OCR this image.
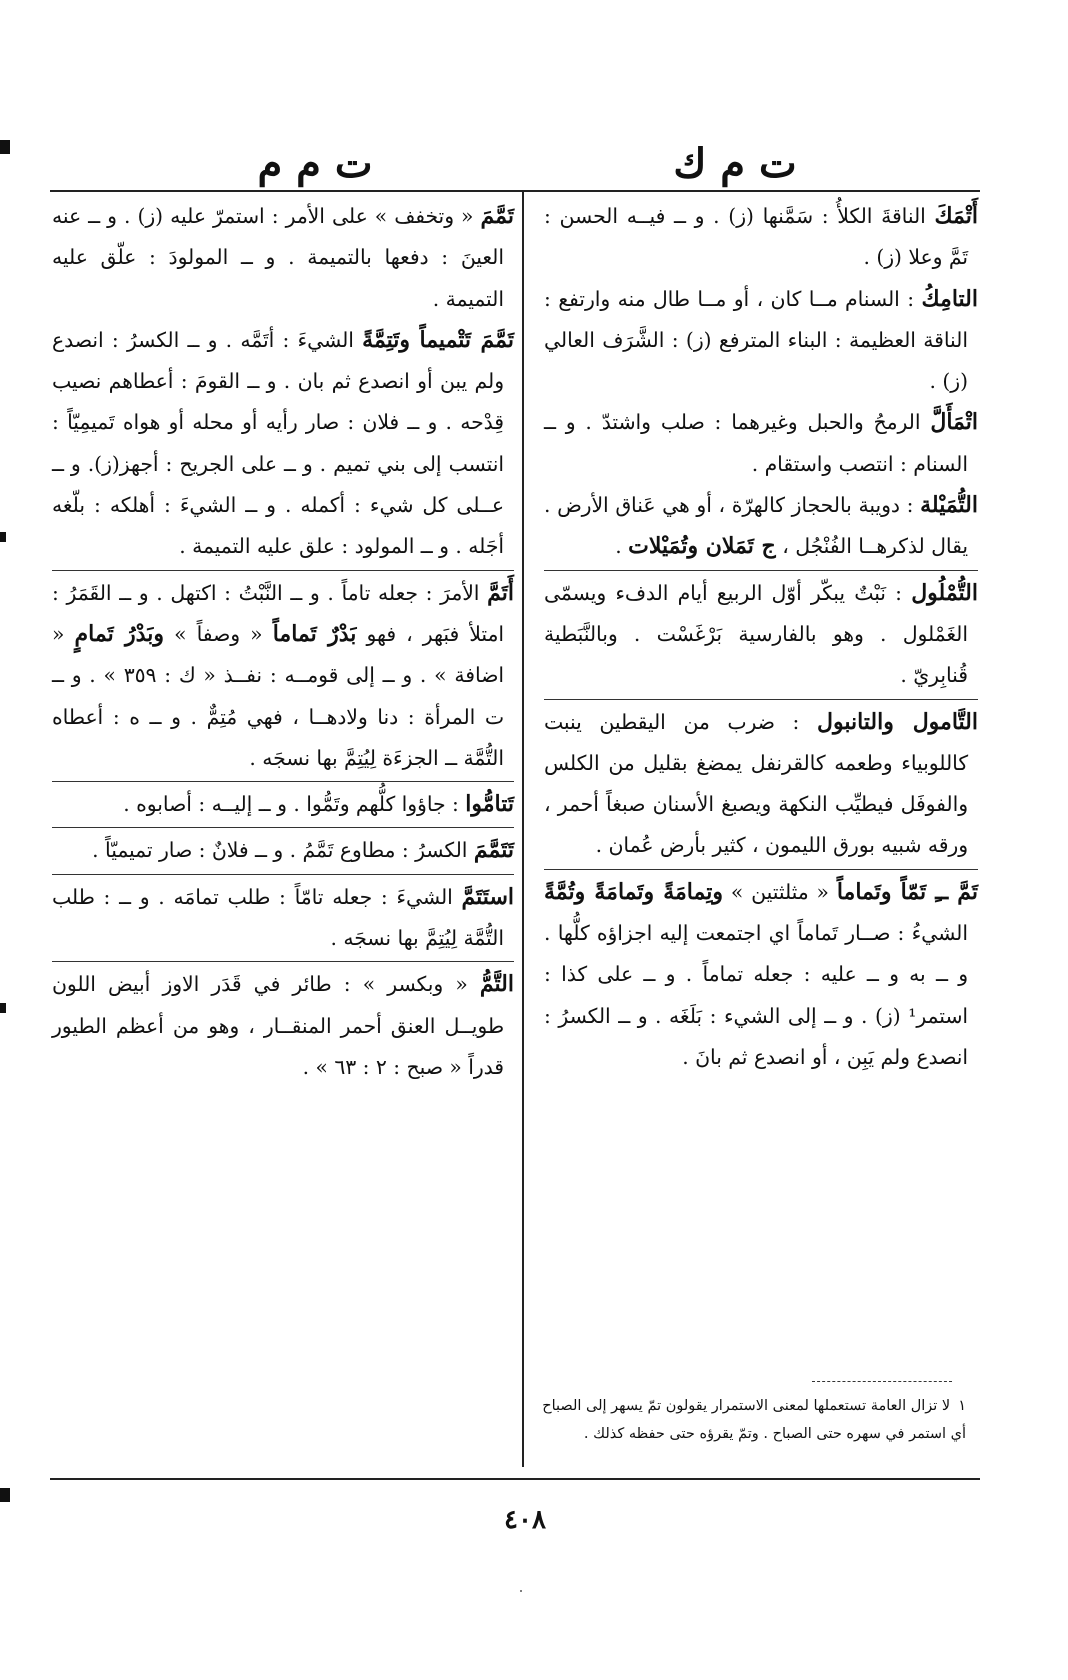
ت م ك
ت م م

أَتْمَكَ الناقةَ الكلأُ : سَمَّنها (ز) . و ــ فيــه الحسن : تَمَّ وعلا (ز) .

التامِكُ : السنام مــا كان ، أو مــا طال منه وارتفع : الناقة العظيمة : البناء المترفع (ز) : الشَّرَف العالي (ز) .

اتْمَأَلَّ الرمحُ والحبل وغيرهما : صلب واشتدّ . و ــ السنام : انتصب واستقام .

التُّمَيْلة : دويبة بالحجاز كالهرّة ، أو هي عَناق الأرض . يقال لذكرهــا الفُنْجُل ، ج تَمَلان وتُمَيْلات .

التُّمْلُول : نَبْتٌ يبكّر أوّل الربيع أيام الدفء ويسمّى الغَمْلول . وهو بالفارسية بَرْغَسْت . وبالنَّبَطية قُنابِريّ .

التَّامول والتانبول : ضرب من اليقطين ينبت كاللوبياء وطعمه كالقرنفل يمضغ بقليل من الكلس والفوفَل فيطيِّب النكهة ويصبغ الأسنان صبغاً أحمر ، ورقه شبيه بورق الليمون ، كثير بأرض عُمان .

تَمَّ ــِ تَمّاً وتَماماً « مثلثتين » وتِمامَةً وتَمامَةً وتُمَّةً الشيءُ : صــار تَماماً اي اجتمعت إليه اجزاؤه كلُّها . و ــ به و ــ عليه : جعله تماماً . و ــ على كذا : استمر¹ (ز) . و ــ إلى الشيء : بَلَغَه . و ــ الكسرُ : انصدع ولم يَبِن ، أو انصدع ثم بانَ .

١لا تزال العامة تستعملها لمعنى الاستمرار يقولون تمّ يسهر إلى الصباح أي استمر في سهره حتى الصباح . وتمّ يقرؤه حتى حفظه كذلك .

تَمَّمَ « وتخفف » على الأمر : استمرّ عليه (ز) . و ــ عنه العينَ : دفعها بالتميمة . و ــ المولودَ : علّق عليه التميمة .

تَمَّمَ تَتْميماً وتَتِمَّةً الشيءَ : أتَمَّه . و ــ الكسرُ : انصدع ولم يبن أو انصدع ثم بان . و ــ القومَ : أعطاهم نصيب قِدْحه . و ــ فلان : صار رأيه أو محله أو هواه تَميمِيّاً : انتسب إلى بني تميم . و ــ على الجريح : أجهز(ز). و ــ عــلى كل شيء : أكمله . و ــ الشيءَ : أهلكه : بلّغه أجَله . و ــ المولود : علق عليه التميمة .

أَتَمَّ الأمرَ : جعله تاماً . و ــ النَّبْتُ : اكتهل . و ــ القَمَرُ : امتلأ فبَهر ، فهو بَدْرٌ تَماماً « وصفاً » وبَدْرُ تَمامٍ « اضافة » . و ــ إلى قومــه : نفــذ « ك : ٣٥٩ » . و ــ ت المرأة : دنا ولادهــا ، فهي مُتِمٌّ . و ــ ه : أعطاه التُّمَّة ــ الجزءَة لِيُتِمَّ بها نسجَه .

تَتامُّوا : جاؤوا كلُّهم وتَمُّوا . و ــ إليــه : أصابوه .

تَتَمَّمَ الكسرُ : مطاوع تَمَّمُ . و ــ فلانٌ : صار تميميّاً .

استَتَمَّ الشيءَ : جعله تامّاً : طلب تمامَه . و ــ : طلب التُّمَّة لِيُتِمَّ بها نسجَه .

التَّمُّ « وبكسر » : طائر في قَدَر الاوز أبيض اللون طويــل العنق أحمر المنقــار ، وهو من أعظم الطيور قدراً « صبح : ٢ : ٦٣ » .

٤٠٨
